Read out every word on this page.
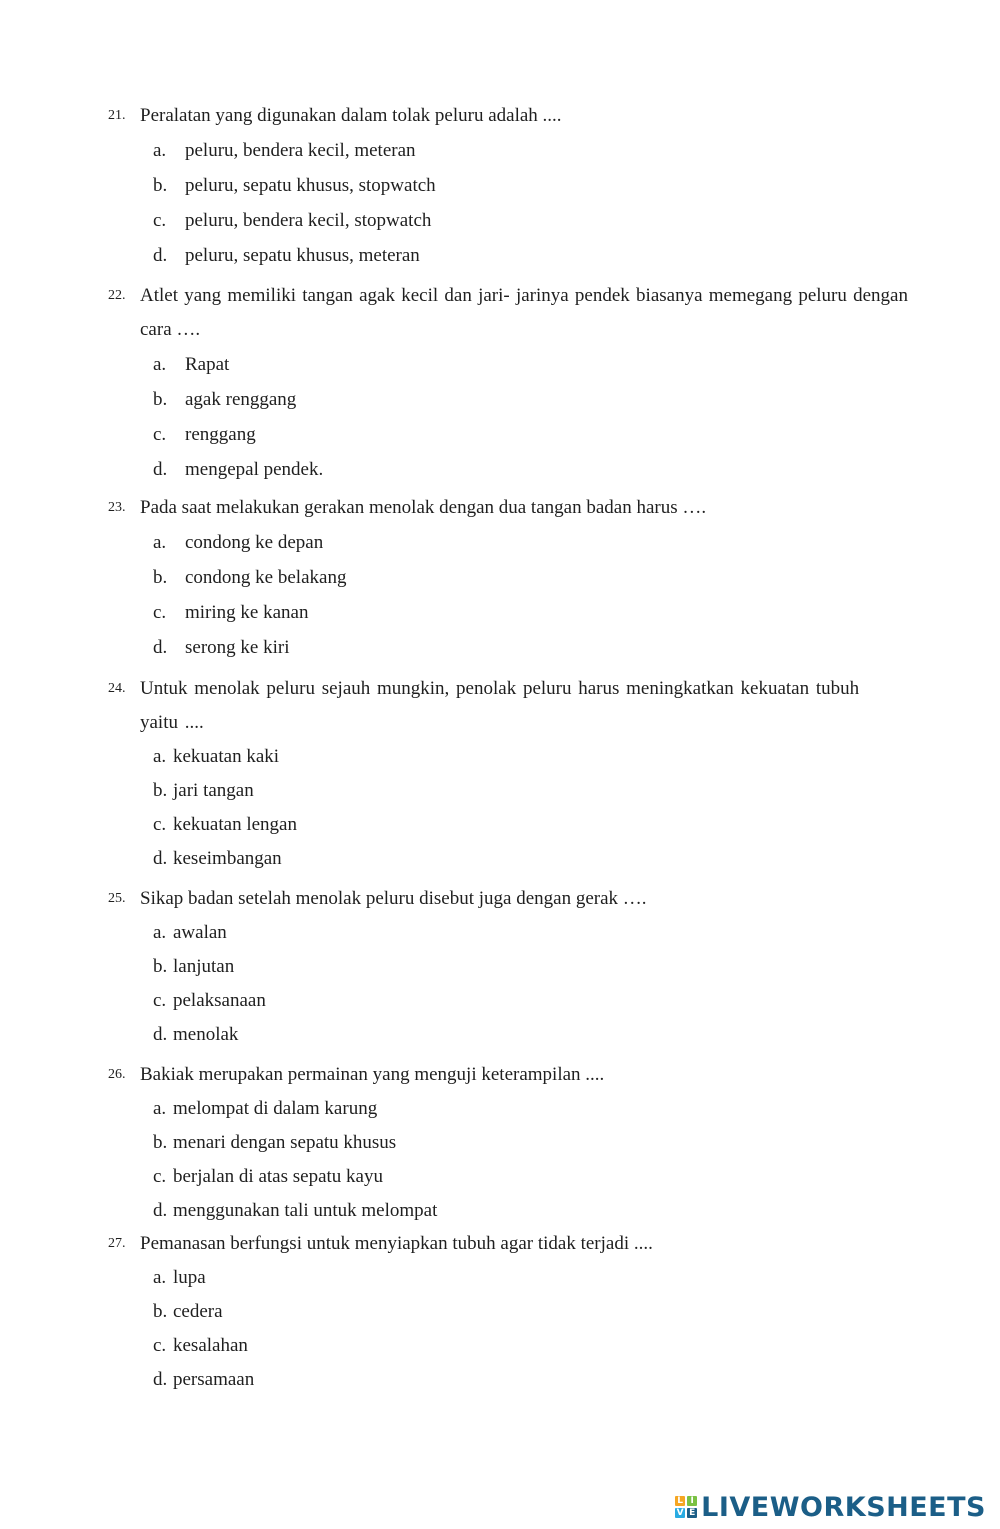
21. Peralatan yang digunakan dalam tolak peluru adalah ....
a. peluru, bendera kecil, meteran
b. peluru, sepatu khusus, stopwatch
c. peluru, bendera kecil, stopwatch
d. peluru, sepatu khusus, meteran
22. Atlet yang memiliki tangan agak kecil dan jari- jarinya pendek biasanya memegang peluru dengan cara ….
a. Rapat
b. agak renggang
c. renggang
d. mengepal pendek.
23. Pada saat melakukan gerakan menolak dengan dua tangan badan harus ….
a. condong ke depan
b. condong ke belakang
c. miring ke kanan
d. serong ke kiri
24. Untuk menolak peluru sejauh mungkin, penolak peluru harus meningkatkan kekuatan tubuh yaitu ....
a. kekuatan kaki
b. jari tangan
c. kekuatan lengan
d. keseimbangan
25. Sikap badan setelah menolak peluru disebut juga dengan gerak ….
a. awalan
b. lanjutan
c. pelaksanaan
d. menolak
26. Bakiak merupakan permainan yang menguji keterampilan ....
a. melompat di dalam karung
b. menari dengan sepatu khusus
c. berjalan di atas sepatu kayu
d. menggunakan tali untuk melompat
27. Pemanasan berfungsi untuk menyiapkan tubuh agar tidak terjadi ....
a. lupa
b. cedera
c. kesalahan
d. persamaan
L I
V E LIVEWORKSHEETS
